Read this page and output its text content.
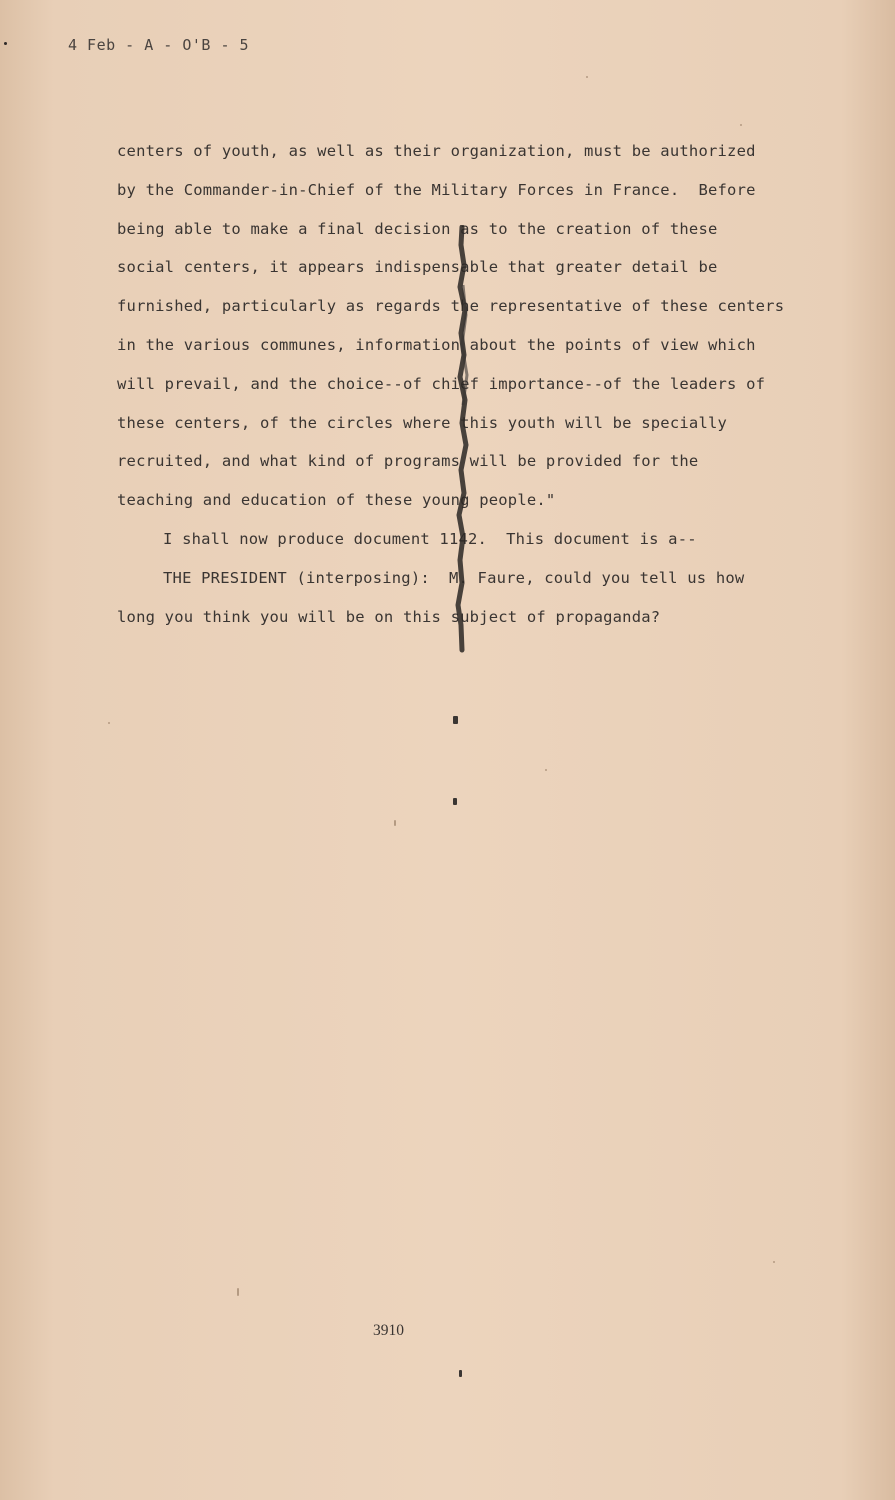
4 Feb - A - O'B - 5
centers of youth, as well as their organization, must be authorized
by the Commander-in-Chief of the Military Forces in France.  Before
being able to make a final decision as to the creation of these
social centers, it appears indispensable that greater detail be
furnished, particularly as regards the representative of these centers
in the various communes, information about the points of view which
will prevail, and the choice--of chief importance--of the leaders of
these centers, of the circles where this youth will be specially
recruited, and what kind of programs will be provided for the
teaching and education of these young people."
I shall now produce document 1142.  This document is a--
THE PRESIDENT (interposing):  M. Faure, could you tell us how
long you think you will be on this subject of propaganda?
3910
